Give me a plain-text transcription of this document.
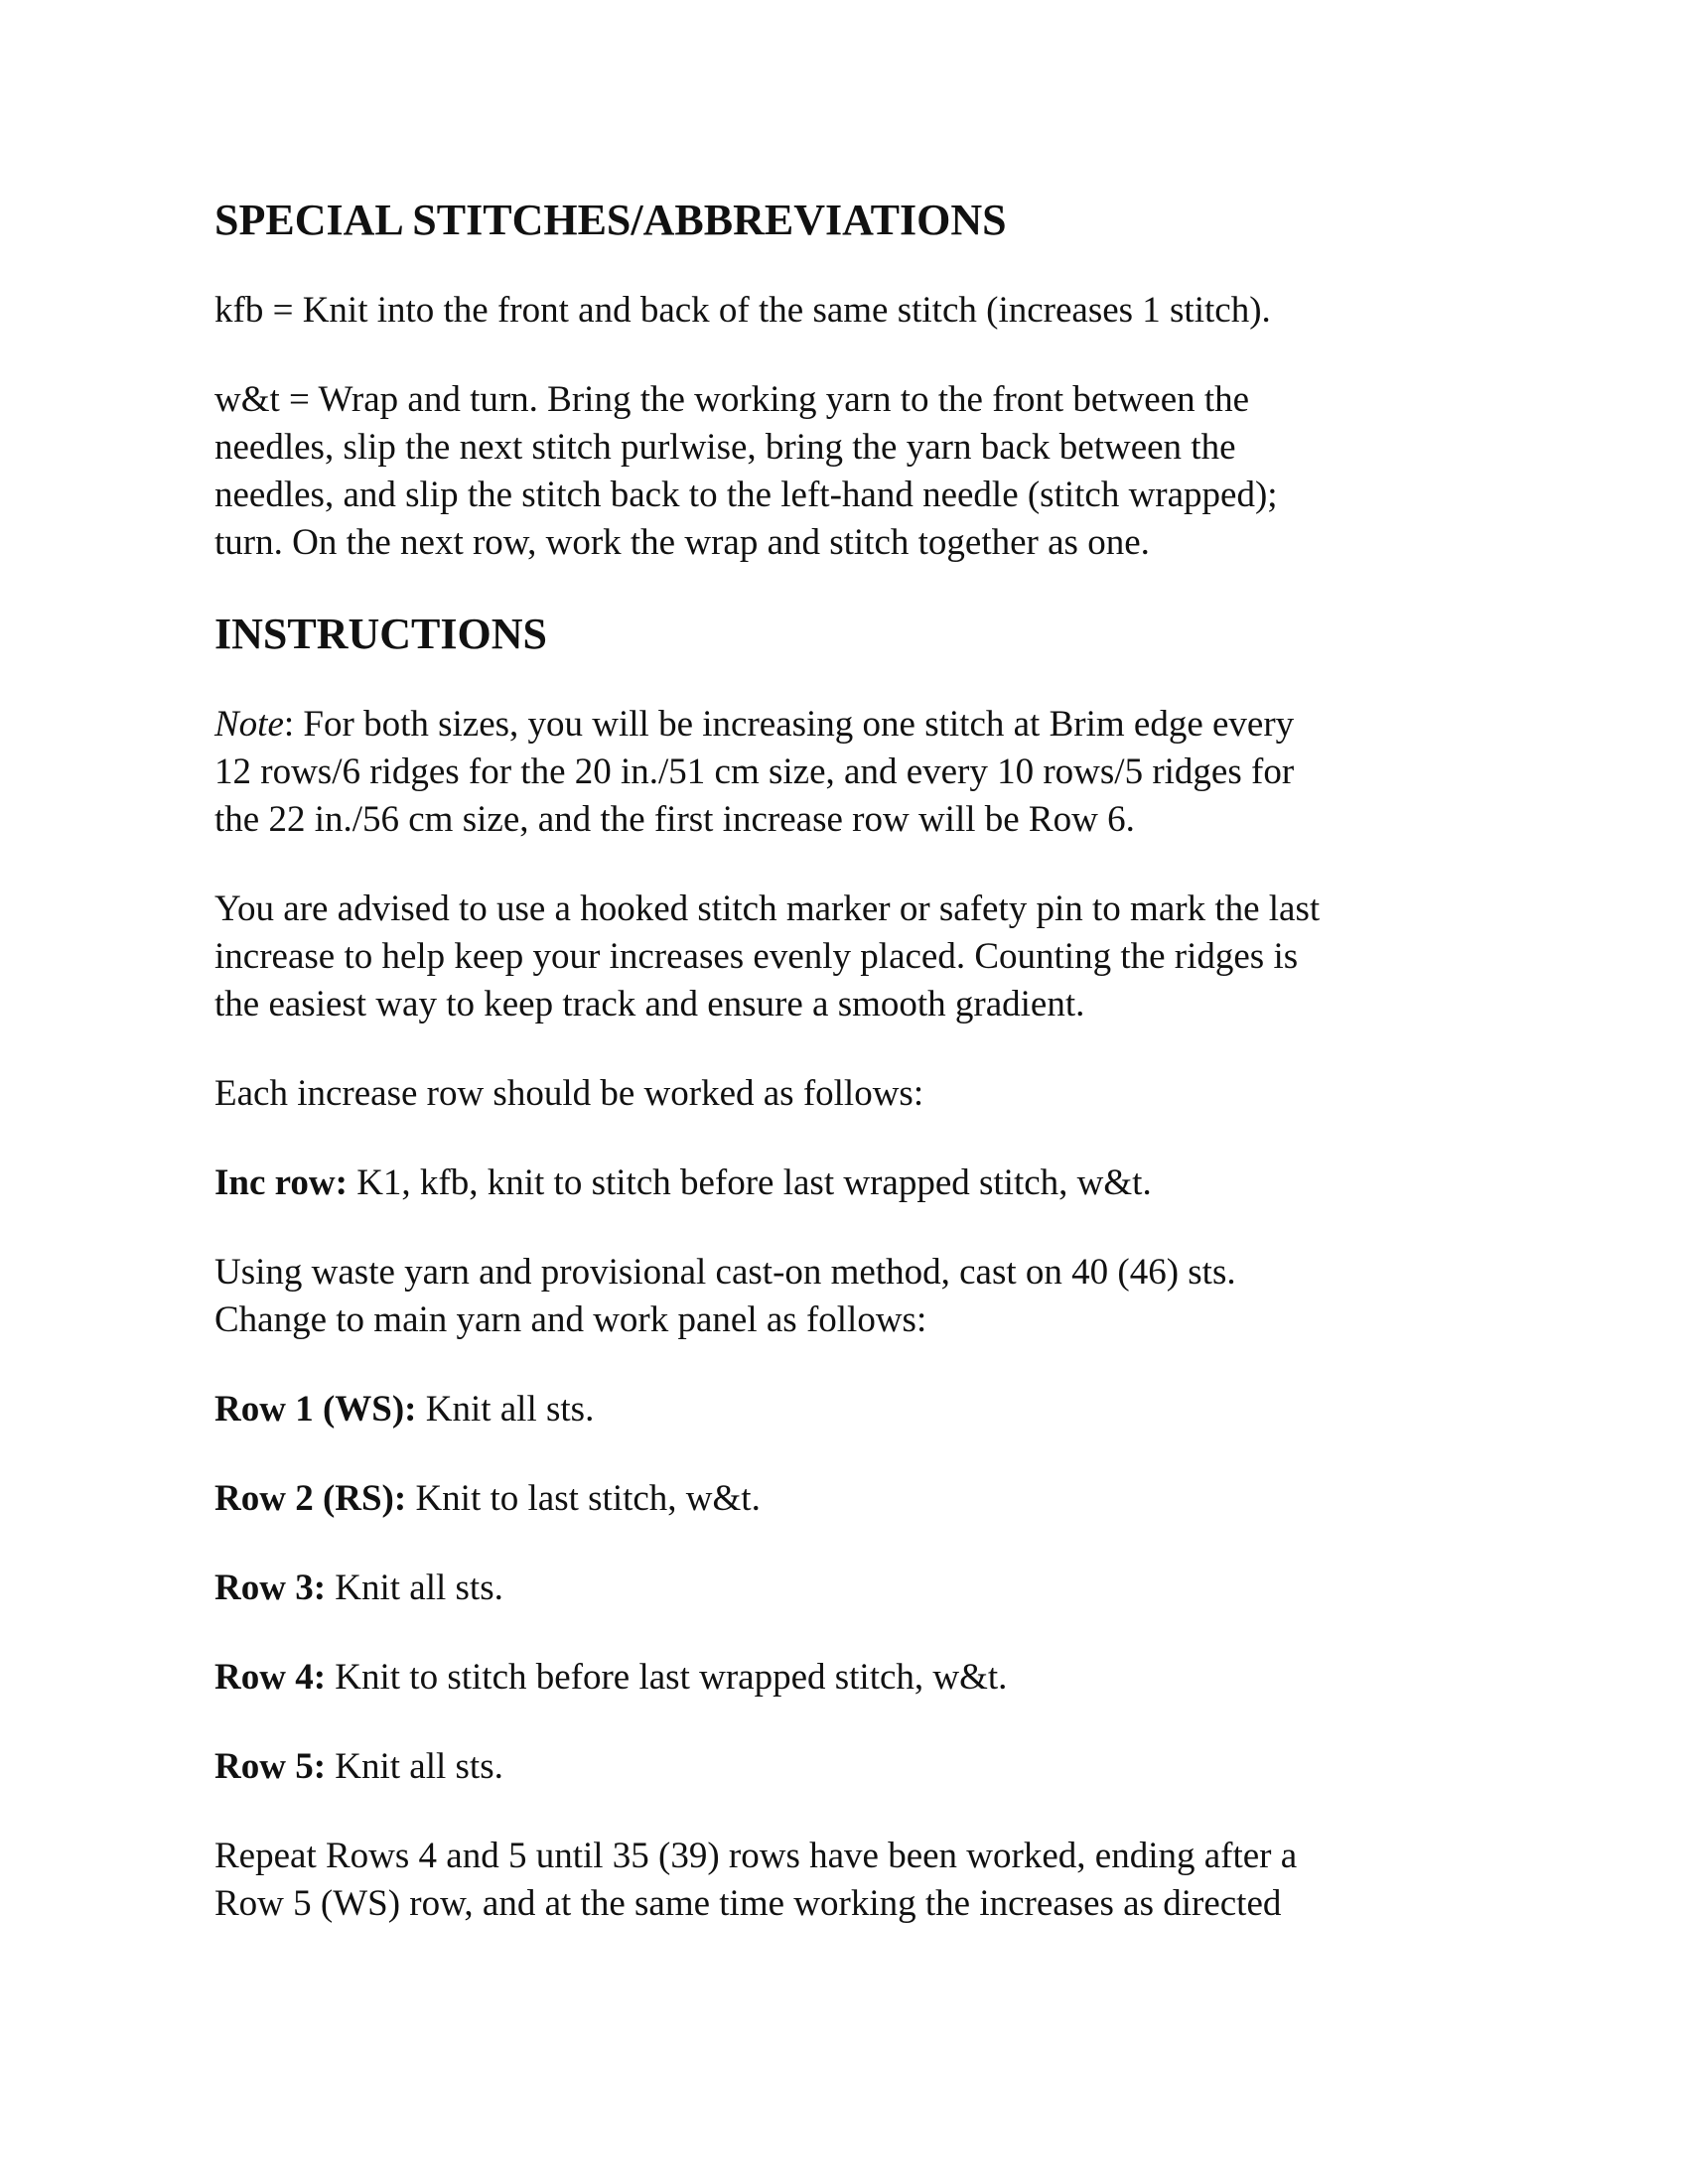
SPECIAL STITCHES/ABBREVIATIONS

kfb = Knit into the front and back of the same stitch (increases 1 stitch).

w&t = Wrap and turn. Bring the working yarn to the front between the
needles, slip the next stitch purlwise, bring the yarn back between the
needles, and slip the stitch back to the left-hand needle (stitch wrapped);
turn. On the next row, work the wrap and stitch together as one.

INSTRUCTIONS

Note: For both sizes, you will be increasing one stitch at Brim edge every
12 rows/6 ridges for the 20 in./51 cm size, and every 10 rows/5 ridges for
the 22 in./56 cm size, and the first increase row will be Row 6.

You are advised to use a hooked stitch marker or safety pin to mark the last
increase to help keep your increases evenly placed. Counting the ridges is
the easiest way to keep track and ensure a smooth gradient.

Each increase row should be worked as follows:

Inc row: K1, kfb, knit to stitch before last wrapped stitch, w&t.

Using waste yarn and provisional cast-on method, cast on 40 (46) sts.
Change to main yarn and work panel as follows:

Row 1 (WS): Knit all sts.

Row 2 (RS): Knit to last stitch, w&t.

Row 3: Knit all sts.

Row 4: Knit to stitch before last wrapped stitch, w&t.

Row 5: Knit all sts.

Repeat Rows 4 and 5 until 35 (39) rows have been worked, ending after a
Row 5 (WS) row, and at the same time working the increases as directed
